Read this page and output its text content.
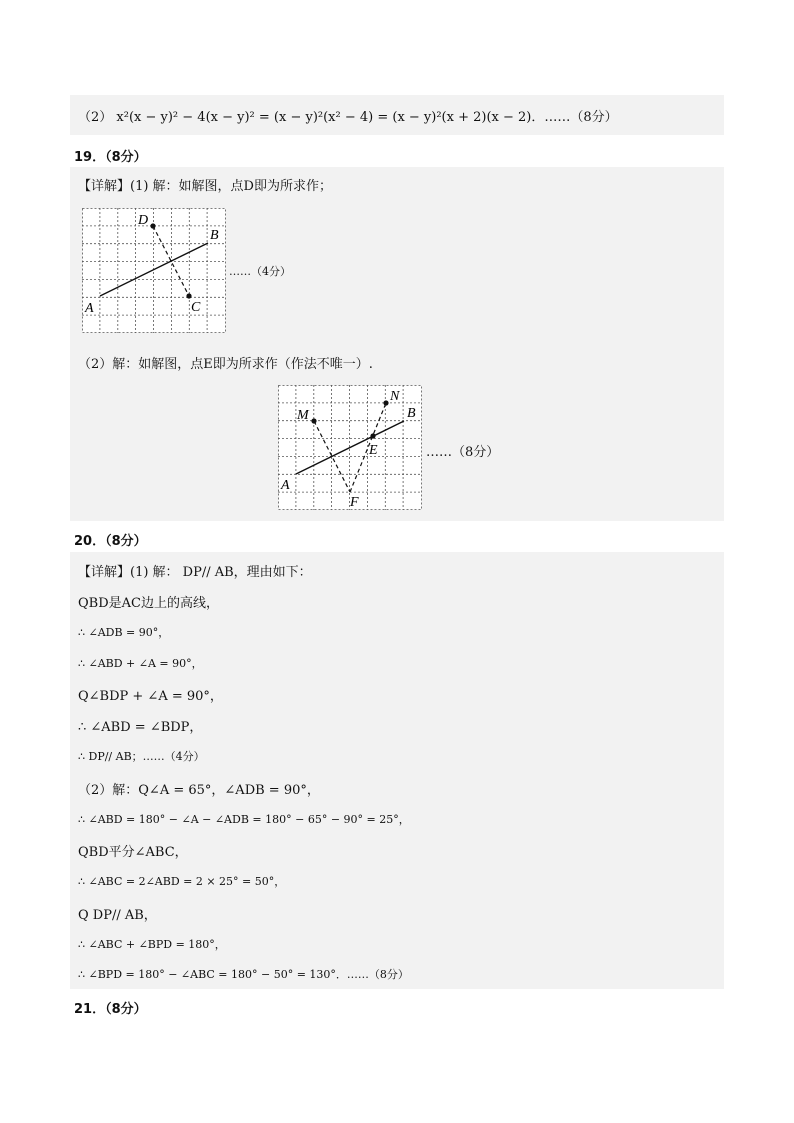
（2） x²(x − y)² − 4(x − y)² = (x − y)²(x² − 4) = (x − y)²(x + 2)(x − 2)．……（8分）
19．（8分）
【详解】(1) 解：如解图，点D即为所求作；
A
B
C
D
……（4分）
（2）解：如解图，点E即为所求作（作法不唯一）.
A
B
M
N
E
F
……（8分）
20．（8分）
【详解】(1) 解： DP// AB，理由如下：
QBD是AC边上的高线，
∴ ∠ADB = 90°，
∴ ∠ABD + ∠A = 90°，
Q∠BDP + ∠A = 90°，
∴ ∠ABD = ∠BDP，
∴ DP// AB；……（4分）
（2）解：Q∠A = 65°，∠ADB = 90°，
∴ ∠ABD = 180° − ∠A − ∠ADB = 180° − 65° − 90° = 25°，
QBD平分∠ABC，
∴ ∠ABC = 2∠ABD = 2 × 25° = 50°，
Q DP// AB，
∴ ∠ABC + ∠BPD = 180°，
∴ ∠BPD = 180° − ∠ABC = 180° − 50° = 130°．……（8分）
21．（8分）
